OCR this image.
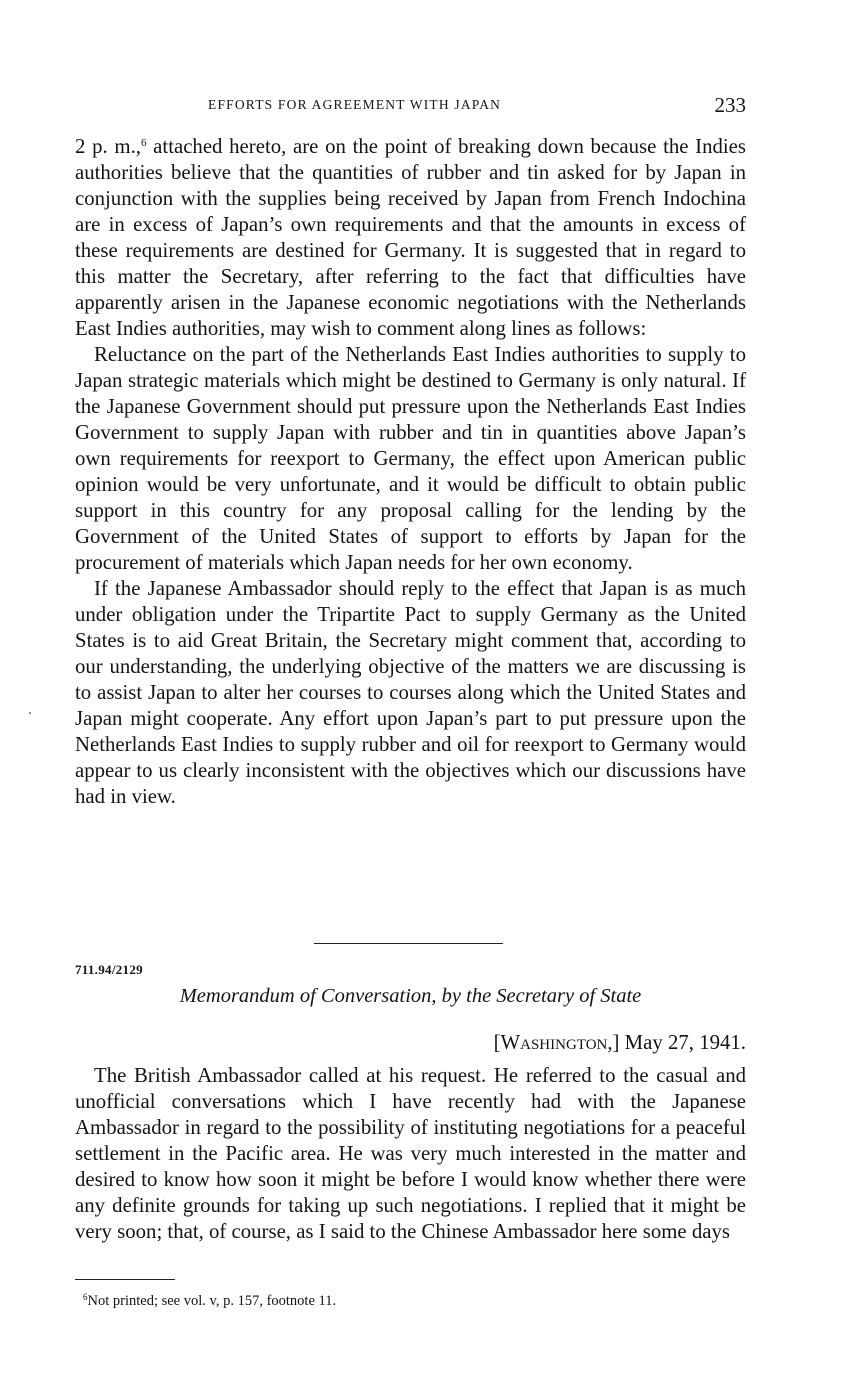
EFFORTS FOR AGREEMENT WITH JAPAN	233

2 p. m.,$^6$ attached hereto, are on the point of breaking down because the Indies authorities believe that the quantities of rubber and tin asked for by Japan in conjunction with the supplies being received by Japan from French Indochina are in excess of Japan’s own requirements and that the amounts in excess of these requirements are destined for Germany. It is suggested that in regard to this matter the Secretary, after referring to the fact that difficulties have apparently arisen in the Japanese economic negotiations with the Netherlands East Indies authorities, may wish to comment along lines as follows:

Reluctance on the part of the Netherlands East Indies authorities to supply to Japan strategic materials which might be destined to Germany is only natural. If the Japanese Government should put pressure upon the Netherlands East Indies Government to supply Japan with rubber and tin in quantities above Japan’s own requirements for reexport to Germany, the effect upon American public opinion would be very unfortunate, and it would be difficult to obtain public support in this country for any proposal calling for the lending by the Government of the United States of support to efforts by Japan for the procurement of materials which Japan needs for her own economy.

If the Japanese Ambassador should reply to the effect that Japan is as much under obligation under the Tripartite Pact to supply Germany as the United States is to aid Great Britain, the Secretary might comment that, according to our understanding, the underlying objective of the matters we are discussing is to assist Japan to alter her courses to courses along which the United States and Japan might cooperate. Any effort upon Japan’s part to put pressure upon the Netherlands East Indies to supply rubber and oil for reexport to Germany would appear to us clearly inconsistent with the objectives which our discussions have had in view.

711.94/2129
Memorandum of Conversation, by the Secretary of State
[Washington,] May 27, 1941.

The British Ambassador called at his request. He referred to the casual and unofficial conversations which I have recently had with the Japanese Ambassador in regard to the possibility of instituting negotiations for a peaceful settlement in the Pacific area. He was very much interested in the matter and desired to know how soon it might be before I would know whether there were any definite grounds for taking up such negotiations. I replied that it might be very soon; that, of course, as I said to the Chinese Ambassador here some days

$^6$Not printed; see vol. v, p. 157, footnote 11.
